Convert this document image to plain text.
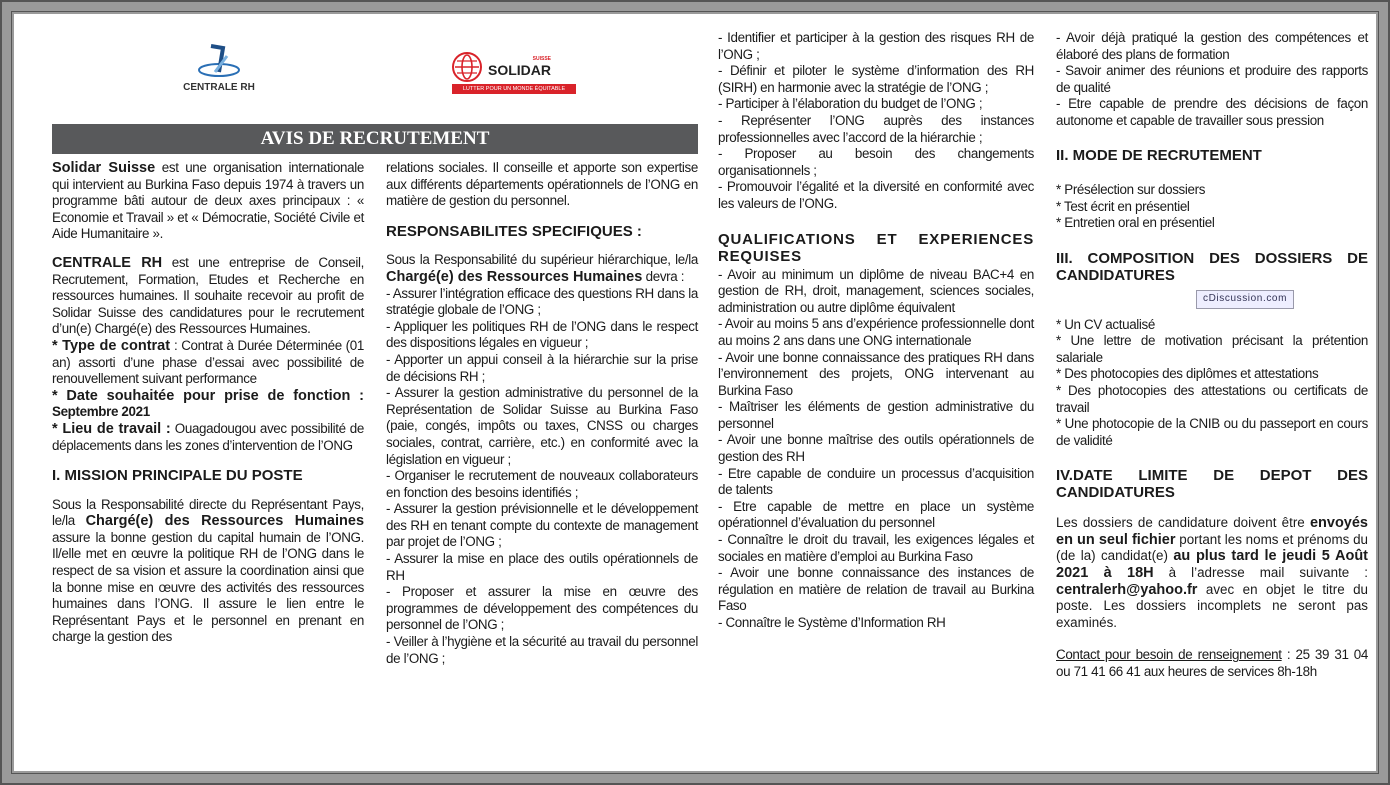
CENTRALE RH
SUISSE
SOLIDAR
LUTTER POUR UN MONDE ÉQUITABLE
AVIS DE RECRUTEMENT

Solidar Suisse est une organisation internationale qui intervient au Burkina Faso depuis 1974 à travers un programme bâti autour de deux axes principaux : « Economie et Travail » et « Démocratie, Société Civile et Aide Humanitaire ».

CENTRALE RH est une entreprise de Conseil, Recrutement, Formation, Etudes et Recherche en ressources humaines. Il souhaite recevoir au profit de Solidar Suisse des candidatures pour le recrutement d’un(e) Chargé(e) des Ressources Humaines.

* Type de contrat : Contrat à Durée Déterminée (01 an) assorti d’une phase d’essai avec possibilité de renouvellement suivant performance

* Date souhaitée pour prise de fonction : Septembre 2021

* Lieu de travail : Ouagadougou avec possibilité de déplacements dans les zones d’intervention de l’ONG

I. MISSION PRINCIPALE DU POSTE

Sous la Responsabilité directe du Représentant Pays, le/la Chargé(e) des Ressources Humaines assure la bonne gestion du capital humain de l’ONG. Il/elle met en œuvre la politique RH de l’ONG dans le respect de sa vision et assure la coordination ainsi que la bonne mise en œuvre des activités des ressources humaines dans l’ONG. Il assure le lien entre le Représentant Pays et le personnel en prenant en charge la gestion des

relations sociales. Il conseille et apporte son expertise aux différents départements opérationnels de l’ONG en matière de gestion du personnel.

RESPONSABILITES SPECIFIQUES :

Sous la Responsabilité du supérieur hiérarchique, le/la Chargé(e) des Ressources Humaines devra :

- Assurer l’intégration efficace des questions RH dans la stratégie globale de l’ONG ;

- Appliquer les politiques RH de l’ONG dans le respect des dispositions légales en vigueur ;

- Apporter un appui conseil à la hiérarchie sur la prise de décisions RH ;

- Assurer la gestion administrative du personnel de la Représentation de Solidar Suisse au Burkina Faso (paie, congés, impôts ou taxes, CNSS ou charges sociales, contrat, carrière, etc.) en conformité avec la législation en vigueur ;

- Organiser le recrutement de nouveaux collaborateurs en fonction des besoins identifiés ;

- Assurer la gestion prévisionnelle et le développement des RH en tenant compte du contexte de management par projet de l’ONG ;

- Assurer la mise en place des outils opérationnels de RH

- Proposer et assurer la mise en œuvre des programmes de développement des compétences du personnel de l’ONG ;

- Veiller à l’hygiène et la sécurité au travail du personnel de l’ONG ;

- Identifier et participer à la gestion des risques RH de l’ONG ;

- Définir et piloter le système d’information des RH (SIRH) en harmonie avec la stratégie de l’ONG ;

- Participer à l’élaboration du budget de l’ONG ;

- Représenter l’ONG auprès des instances professionnelles avec l’accord de la hiérarchie ;

- Proposer au besoin des changements organisationnels ;

- Promouvoir l’égalité et la diversité en conformité avec les valeurs de l’ONG.

QUALIFICATIONS ET EXPERIENCES REQUISES

- Avoir au minimum un diplôme de niveau BAC+4 en gestion de RH, droit, management, sciences sociales, administration ou autre diplôme équivalent

- Avoir au moins 5 ans d’expérience professionnelle dont au moins 2 ans dans une ONG internationale

- Avoir une bonne connaissance des pratiques RH dans l’environnement des projets, ONG intervenant au Burkina Faso

- Maîtriser les éléments de gestion administrative du personnel

- Avoir une bonne maîtrise des outils opérationnels de gestion des RH

- Etre capable de conduire un processus d’acquisition de talents

- Etre capable de mettre en place un système opérationnel d’évaluation du personnel

- Connaître le droit du travail, les exigences légales et sociales en matière d’emploi au Burkina Faso

- Avoir une bonne connaissance des instances de régulation en matière de relation de travail au Burkina Faso

- Connaître le Système d’Information RH

- Avoir déjà pratiqué la gestion des compétences et élaboré des plans de formation

- Savoir animer des réunions et produire des rapports de qualité

- Etre capable de prendre des décisions de façon autonome et capable de travailler sous pression

II. MODE DE RECRUTEMENT

* Présélection sur dossiers

* Test écrit en présentiel

* Entretien oral en présentiel

III. COMPOSITION DES DOSSIERS DE CANDIDATURES
cDiscussion.com

* Un CV actualisé

* Une lettre de motivation précisant la prétention salariale

* Des photocopies des diplômes et attestations

* Des photocopies des attestations ou certificats de travail

* Une photocopie de la CNIB ou du passeport en cours de validité

IV.DATE LIMITE DE DEPOT DES CANDIDATURES

Les dossiers de candidature doivent être envoyés en un seul fichier portant les noms et prénoms du (de la) candidat(e) au plus tard le jeudi 5 Août 2021 à 18H à l’adresse mail suivante : centralerh@yahoo.fr avec en objet le titre du poste. Les dossiers incomplets ne seront pas examinés.

Contact pour besoin de renseignement : 25 39 31 04 ou 71 41 66 41 aux heures de services 8h-18h
